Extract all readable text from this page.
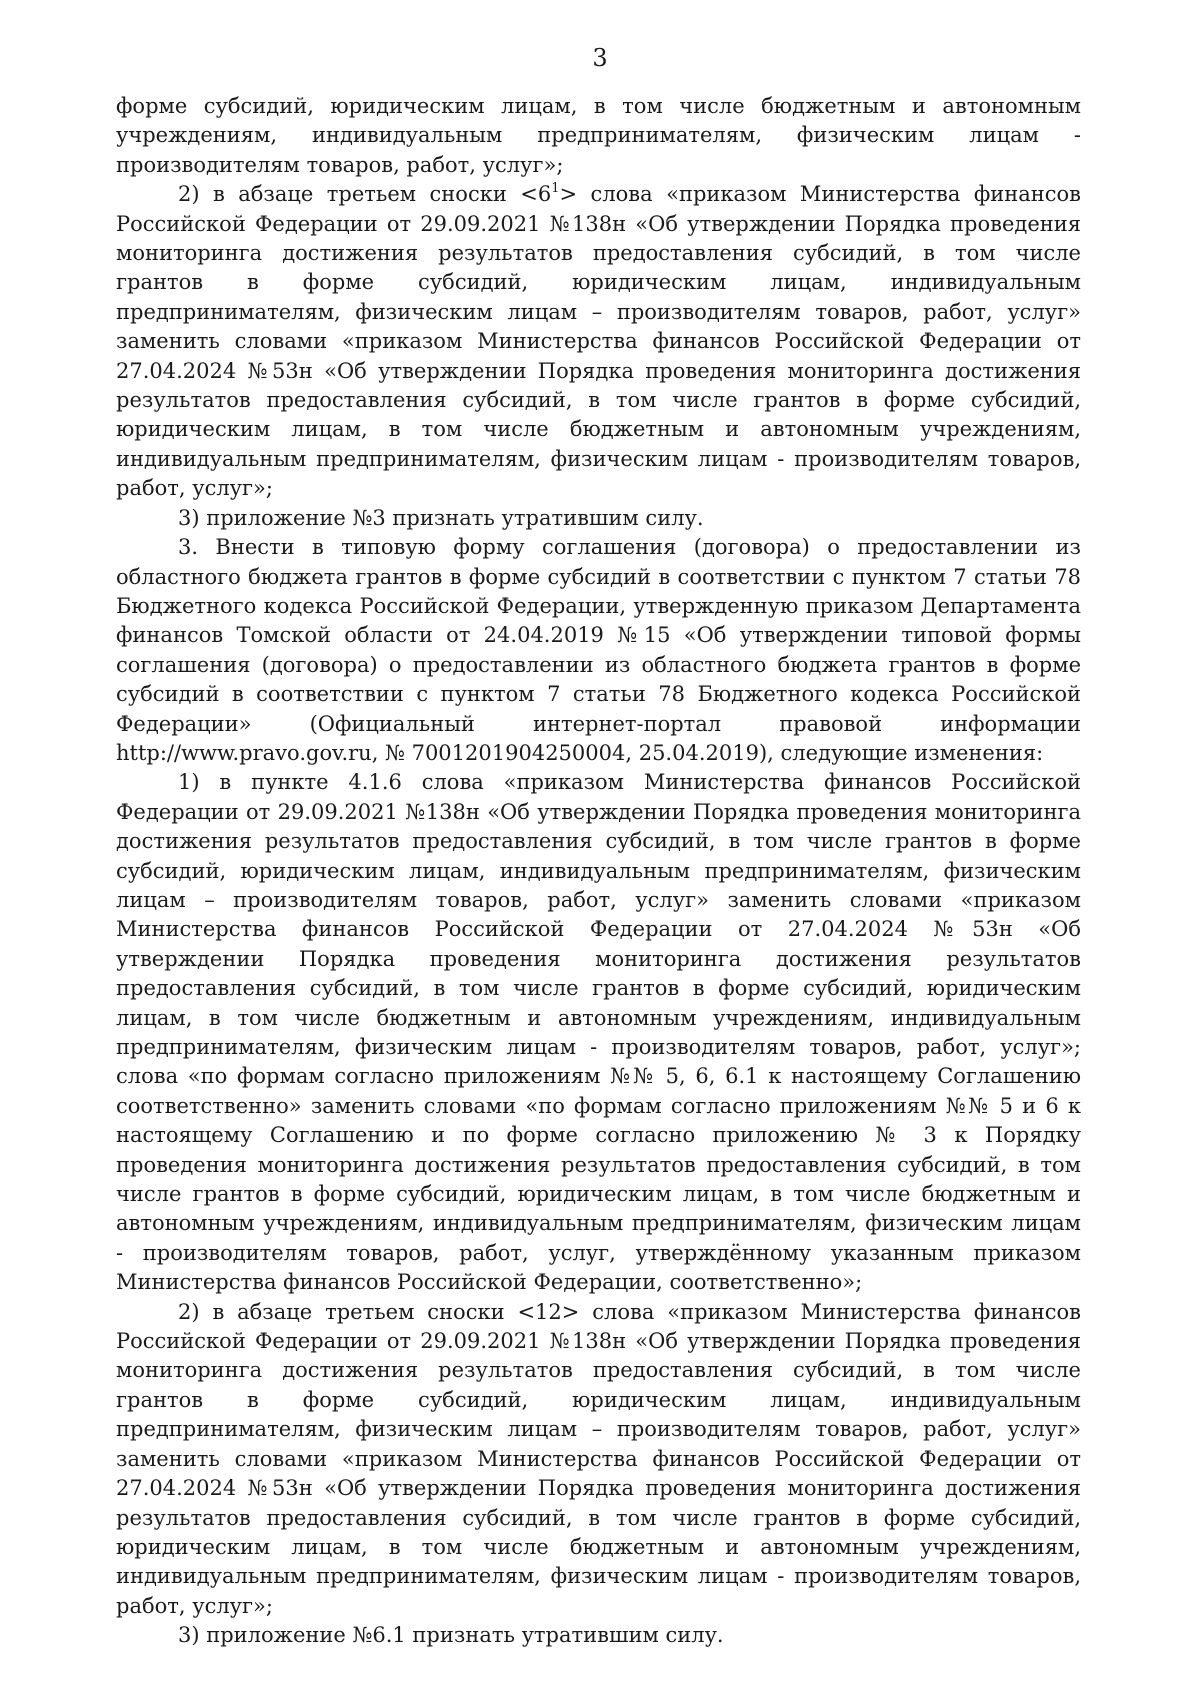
3

форме субсидий, юридическим лицам, в том числе бюджетным и автономным учреждениям, индивидуальным предпринимателям, физическим лицам - производителям товаров, работ, услуг»;

2) в абзаце третьем сноски $<6^1>$ слова «приказом Министерства финансов Российской Федерации от 29.09.2021 №138н «Об утверждении Порядка проведения мониторинга достижения результатов предоставления субсидий, в том числе грантов в форме субсидий, юридическим лицам, индивидуальным предпринимателям, физическим лицам – производителям товаров, работ, услуг» заменить словами «приказом Министерства финансов Российской Федерации от 27.04.2024 №53н «Об утверждении Порядка проведения мониторинга достижения результатов предоставления субсидий, в том числе грантов в форме субсидий, юридическим лицам, в том числе бюджетным и автономным учреждениям, индивидуальным предпринимателям, физическим лицам - производителям товаров, работ, услуг»;

3) приложение №3 признать утратившим силу.

3. Внести в типовую форму соглашения (договора) о предоставлении из областного бюджета грантов в форме субсидий в соответствии с пунктом 7 статьи 78 Бюджетного кодекса Российской Федерации, утвержденную приказом Департамента финансов Томской области от 24.04.2019 №15 «Об утверждении типовой формы соглашения (договора) о предоставлении из областного бюджета грантов в форме субсидий в соответствии с пунктом 7 статьи 78 Бюджетного кодекса Российской Федерации» (Официальный интернет-портал правовой информации http://www.pravo.gov.ru, № 7001201904250004, 25.04.2019), следующие изменения:

1) в пункте 4.1.6 слова «приказом Министерства финансов Российской Федерации от 29.09.2021 №138н «Об утверждении Порядка проведения мониторинга достижения результатов предоставления субсидий, в том числе грантов в форме субсидий, юридическим лицам, индивидуальным предпринимателям, физическим лицам – производителям товаров, работ, услуг» заменить словами «приказом Министерства финансов Российской Федерации от 27.04.2024 №53н «Об утверждении Порядка проведения мониторинга достижения результатов предоставления субсидий, в том числе грантов в форме субсидий, юридическим лицам, в том числе бюджетным и автономным учреждениям, индивидуальным предпринимателям, физическим лицам - производителям товаров, работ, услуг»; слова «по формам согласно приложениям №№ 5, 6, 6.1 к настоящему Соглашению соответственно» заменить словами «по формам согласно приложениям №№ 5 и 6 к настоящему Соглашению и по форме согласно приложению № 3 к Порядку проведения мониторинга достижения результатов предоставления субсидий, в том числе грантов в форме субсидий, юридическим лицам, в том числе бюджетным и автономным учреждениям, индивидуальным предпринимателям, физическим лицам - производителям товаров, работ, услуг, утверждённому указанным приказом Министерства финансов Российской Федерации, соответственно»;

2) в абзаце третьем сноски <12> слова «приказом Министерства финансов Российской Федерации от 29.09.2021 №138н «Об утверждении Порядка проведения мониторинга достижения результатов предоставления субсидий, в том числе грантов в форме субсидий, юридическим лицам, индивидуальным предпринимателям, физическим лицам – производителям товаров, работ, услуг» заменить словами «приказом Министерства финансов Российской Федерации от 27.04.2024 №53н «Об утверждении Порядка проведения мониторинга достижения результатов предоставления субсидий, в том числе грантов в форме субсидий, юридическим лицам, в том числе бюджетным и автономным учреждениям, индивидуальным предпринимателям, физическим лицам - производителям товаров, работ, услуг»;

3) приложение №6.1 признать утратившим силу.
